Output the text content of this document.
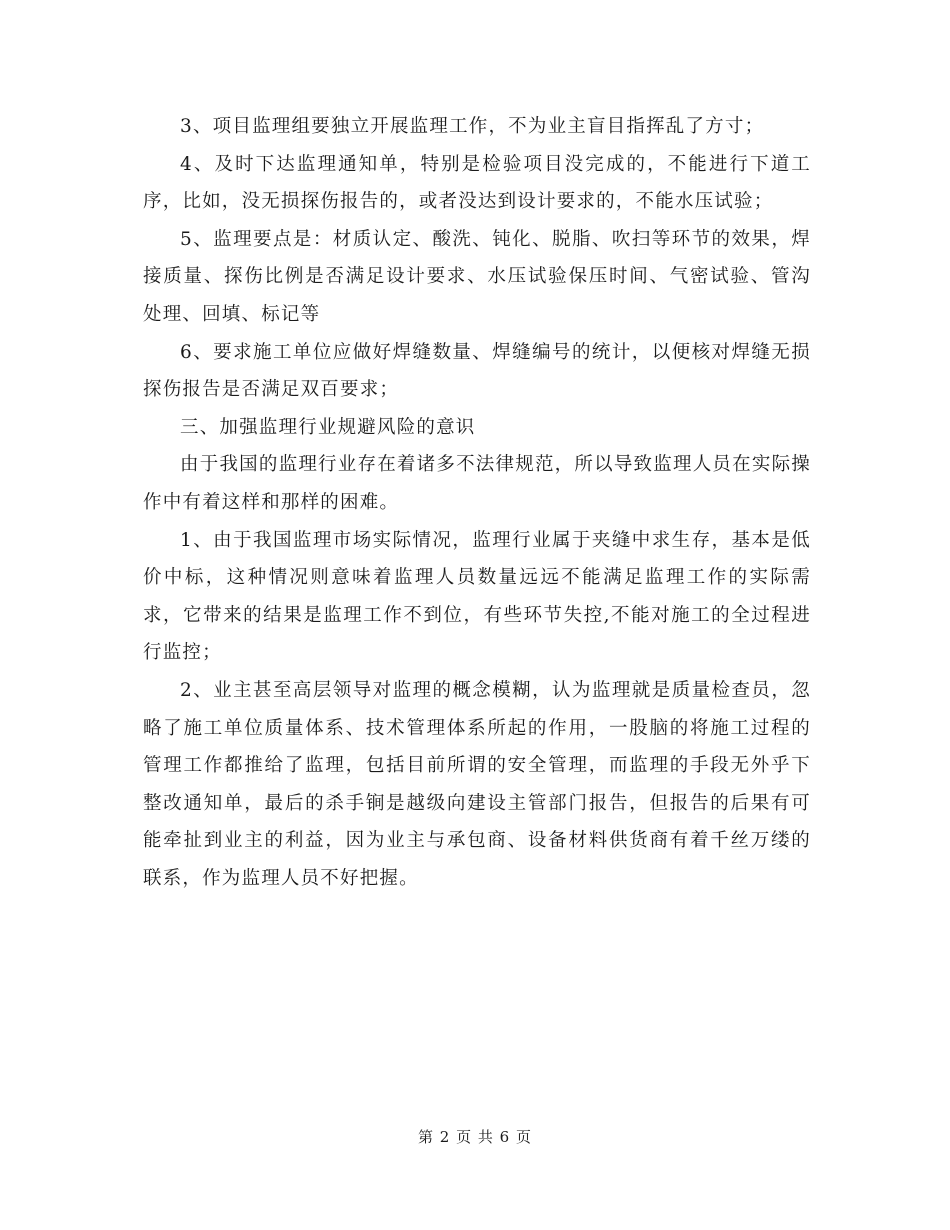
3、项目监理组要独立开展监理工作，不为业主盲目指挥乱了方寸；

4、及时下达监理通知单，特别是检验项目没完成的，不能进行下道工序，比如，没无损探伤报告的，或者没达到设计要求的，不能水压试验；

5、监理要点是：材质认定、酸洗、钝化、脱脂、吹扫等环节的效果，焊接质量、探伤比例是否满足设计要求、水压试验保压时间、气密试验、管沟处理、回填、标记等

6、要求施工单位应做好焊缝数量、焊缝编号的统计，以便核对焊缝无损探伤报告是否满足双百要求；

三、加强监理行业规避风险的意识

由于我国的监理行业存在着诸多不法律规范，所以导致监理人员在实际操作中有着这样和那样的困难。

1、由于我国监理市场实际情况，监理行业属于夹缝中求生存，基本是低价中标，这种情况则意味着监理人员数量远远不能满足监理工作的实际需求，它带来的结果是监理工作不到位，有些环节失控,不能对施工的全过程进行监控；

2、业主甚至高层领导对监理的概念模糊，认为监理就是质量检查员，忽略了施工单位质量体系、技术管理体系所起的作用，一股脑的将施工过程的管理工作都推给了监理，包括目前所谓的安全管理，而监理的手段无外乎下整改通知单，最后的杀手锏是越级向建设主管部门报告，但报告的后果有可能牵扯到业主的利益，因为业主与承包商、设备材料供货商有着千丝万缕的联系，作为监理人员不好把握。

第 2 页 共 6 页
